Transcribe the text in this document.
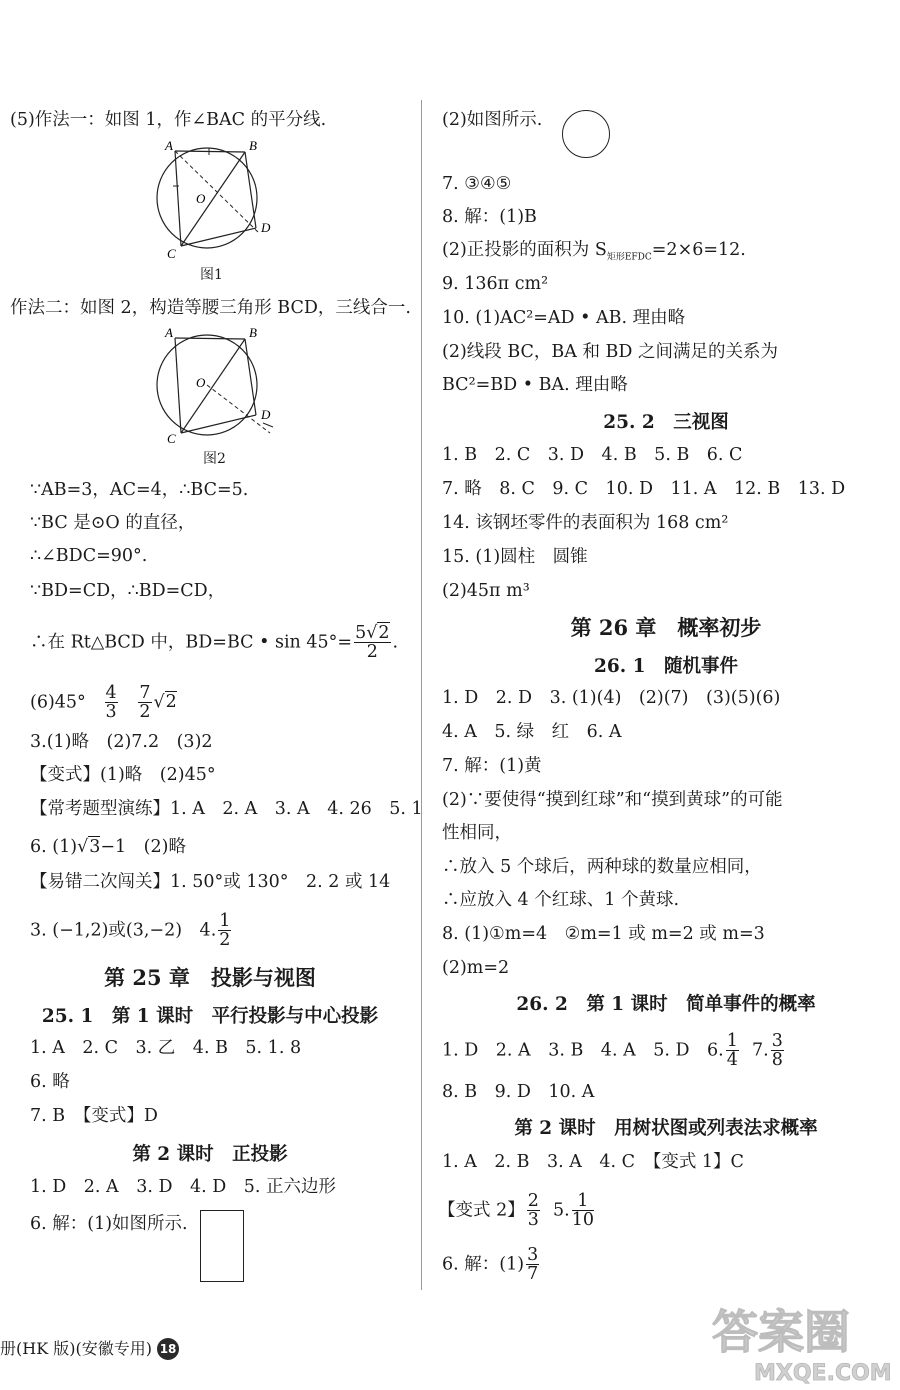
(5)作法一：如图 1，作∠BAC 的平分线.
A	B
C
D
O
图1
作法二：如图 2，构造等腰三角形 BCD，三线合一.
A	B
C
D
O
图2
∵AB=3，AC=4，∴BC=5.
∵BC 是⊙O 的直径，
∴∠BDC=90°.
∵BD=CD，∴BD=CD，
∴在 Rt△BCD 中，BD=BC • $\sin 45^\circ= \frac{5√2}{2}$ .
$(6)45^\circ \frac{4}{3}$
$\frac{7}{2} √2$
3.(1)略　(2)7.2　(3)2
【变式】(1)略　(2)45°
【常考题型演练】1. A　2. A　3. A　4. 26　5. 1
6. (1)√3−1　(2)略
【易错二次闯关】1. 50°或 130°　2. 2 或 14
3. (−1,2)或(3,−2)　4. $\frac{1}{2}$
第 25 章　投影与视图
25. 1　第 1 课时　平行投影与中心投影
1. A　2. C　3. 乙　4. B　5. 1. 8
6. 略
7. B　【变式】D
第 2 课时　正投影
1. D　2. A　3. D　4. D　5. 正六边形
6. 解：(1)如图所示.
(2)如图所示.
7. ③④⑤
8. 解：(1)B
(2)正投影的面积为 $S_{矩形EFDC}=2\times 6=12$.
9. 136π cm²
10. (1)AC²=AD • AB. 理由略
(2)线段 BC，BA 和 BD 之间满足的关系为
BC²=BD • BA. 理由略
25. 2　三视图
1. B　2. C　3. D　4. B　5. B　6. C
7. 略　8. C　9. C　10. D　11. A　12. B　13. D
14. 该钢坯零件的表面积为 168 cm²
15. (1)圆柱　圆锥
(2)45π m³
第 26 章　概率初步
26. 1　随机事件
1. D　2. D　3. (1)(4)　(2)(7)　(3)(5)(6)
4. A　5. 绿　红　6. A
7. 解：(1)黄
(2)∵要使得“摸到红球”和“摸到黄球”的可能
性相同，
∴放入 5 个球后，两种球的数量应相同，
∴应放入 4 个红球、1 个黄球.
8. (1)①m=4　②m=1 或 m=2 或 m=3
(2)m=2
26. 2　第 1 课时　简单事件的概率
1. D　2. A　3. B　4. A　5. D　6. $\frac{1}{4} 7$. $\frac{3}{8}$
8. B　9. D　10. A
第 2 课时　用树状图或列表法求概率
1. A　2. B　3. A　4. C　【变式 1】C
【变式 2】 $\frac{2}{3} 5$. $\frac{1}{10}$
6. 解：$(1) \frac{3}{7}$
册(HK 版)(安徽专用) 18	答案圈
MXQE.COM
